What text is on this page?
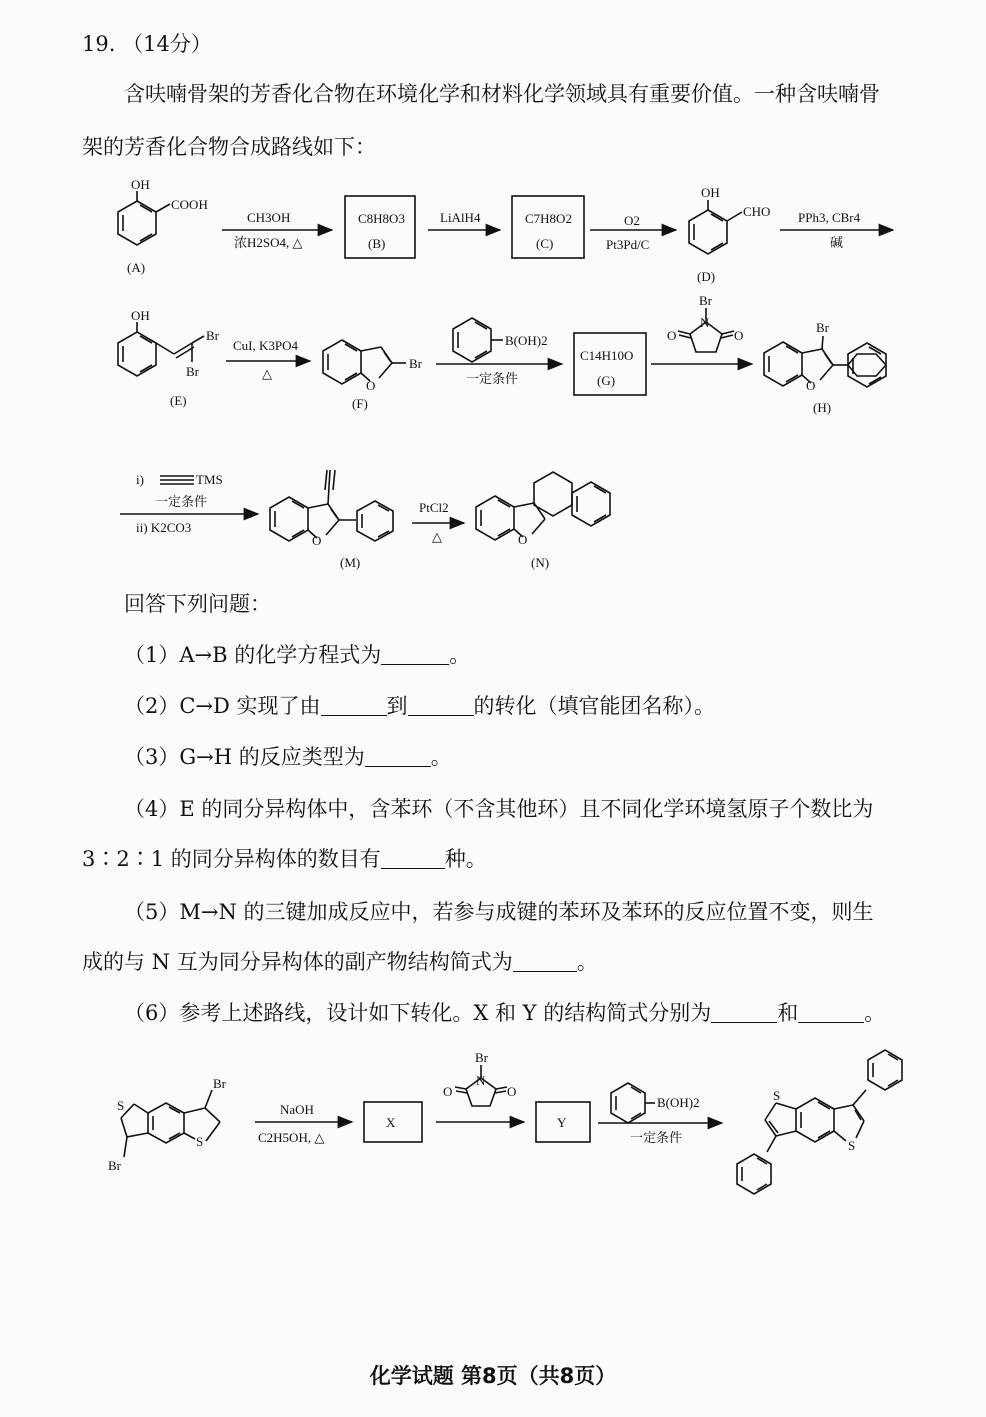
19. （14分）
含呋喃骨架的芳香化合物在环境化学和材料化学领域具有重要价值。一种含呋喃骨
架的芳香化合物合成路线如下：
回答下列问题：
（1）A→B 的化学方程式为	。
（2）C→D 实现了由	到	的转化（填官能团名称）。
（3）G→H 的反应类型为	。
（4）E 的同分异构体中，含苯环（不含其他环）且不同化学环境氢原子个数比为
3∶2∶1 的同分异构体的数目有	种。
（5）M→N 的三键加成反应中，若参与成键的苯环及苯环的反应位置不变，则生
成的与 N 互为同分异构体的副产物结构简式为	。
（6）参考上述路线，设计如下转化。X 和 Y 的结构简式分别为	和	。
化学试题 第8页（共8页）
OH
COOH
(A)
CH3OH
浓H2SO4, △
C8H8O3
(B)
LiAlH4	C7H8O2
(C)
O2
Pt3Pd/C
OH
CHO
(D)
PPh3, CBr4
碱
OH
Br
Br
(E)
CuI, K3PO4
△
O
Br
(F)
B(OH)2
一定条件
C14H10O
(G)
Br
N
O	O
Br
O
(H)
i)	TMS
一定条件
ii) K2CO3
O
(M)
PtCl2
△	O
(N)
Br
Br
S
S
NaOH
C2H5OH, △
X
Br
N
O	O
Y
B(OH)2
一定条件
S
S
